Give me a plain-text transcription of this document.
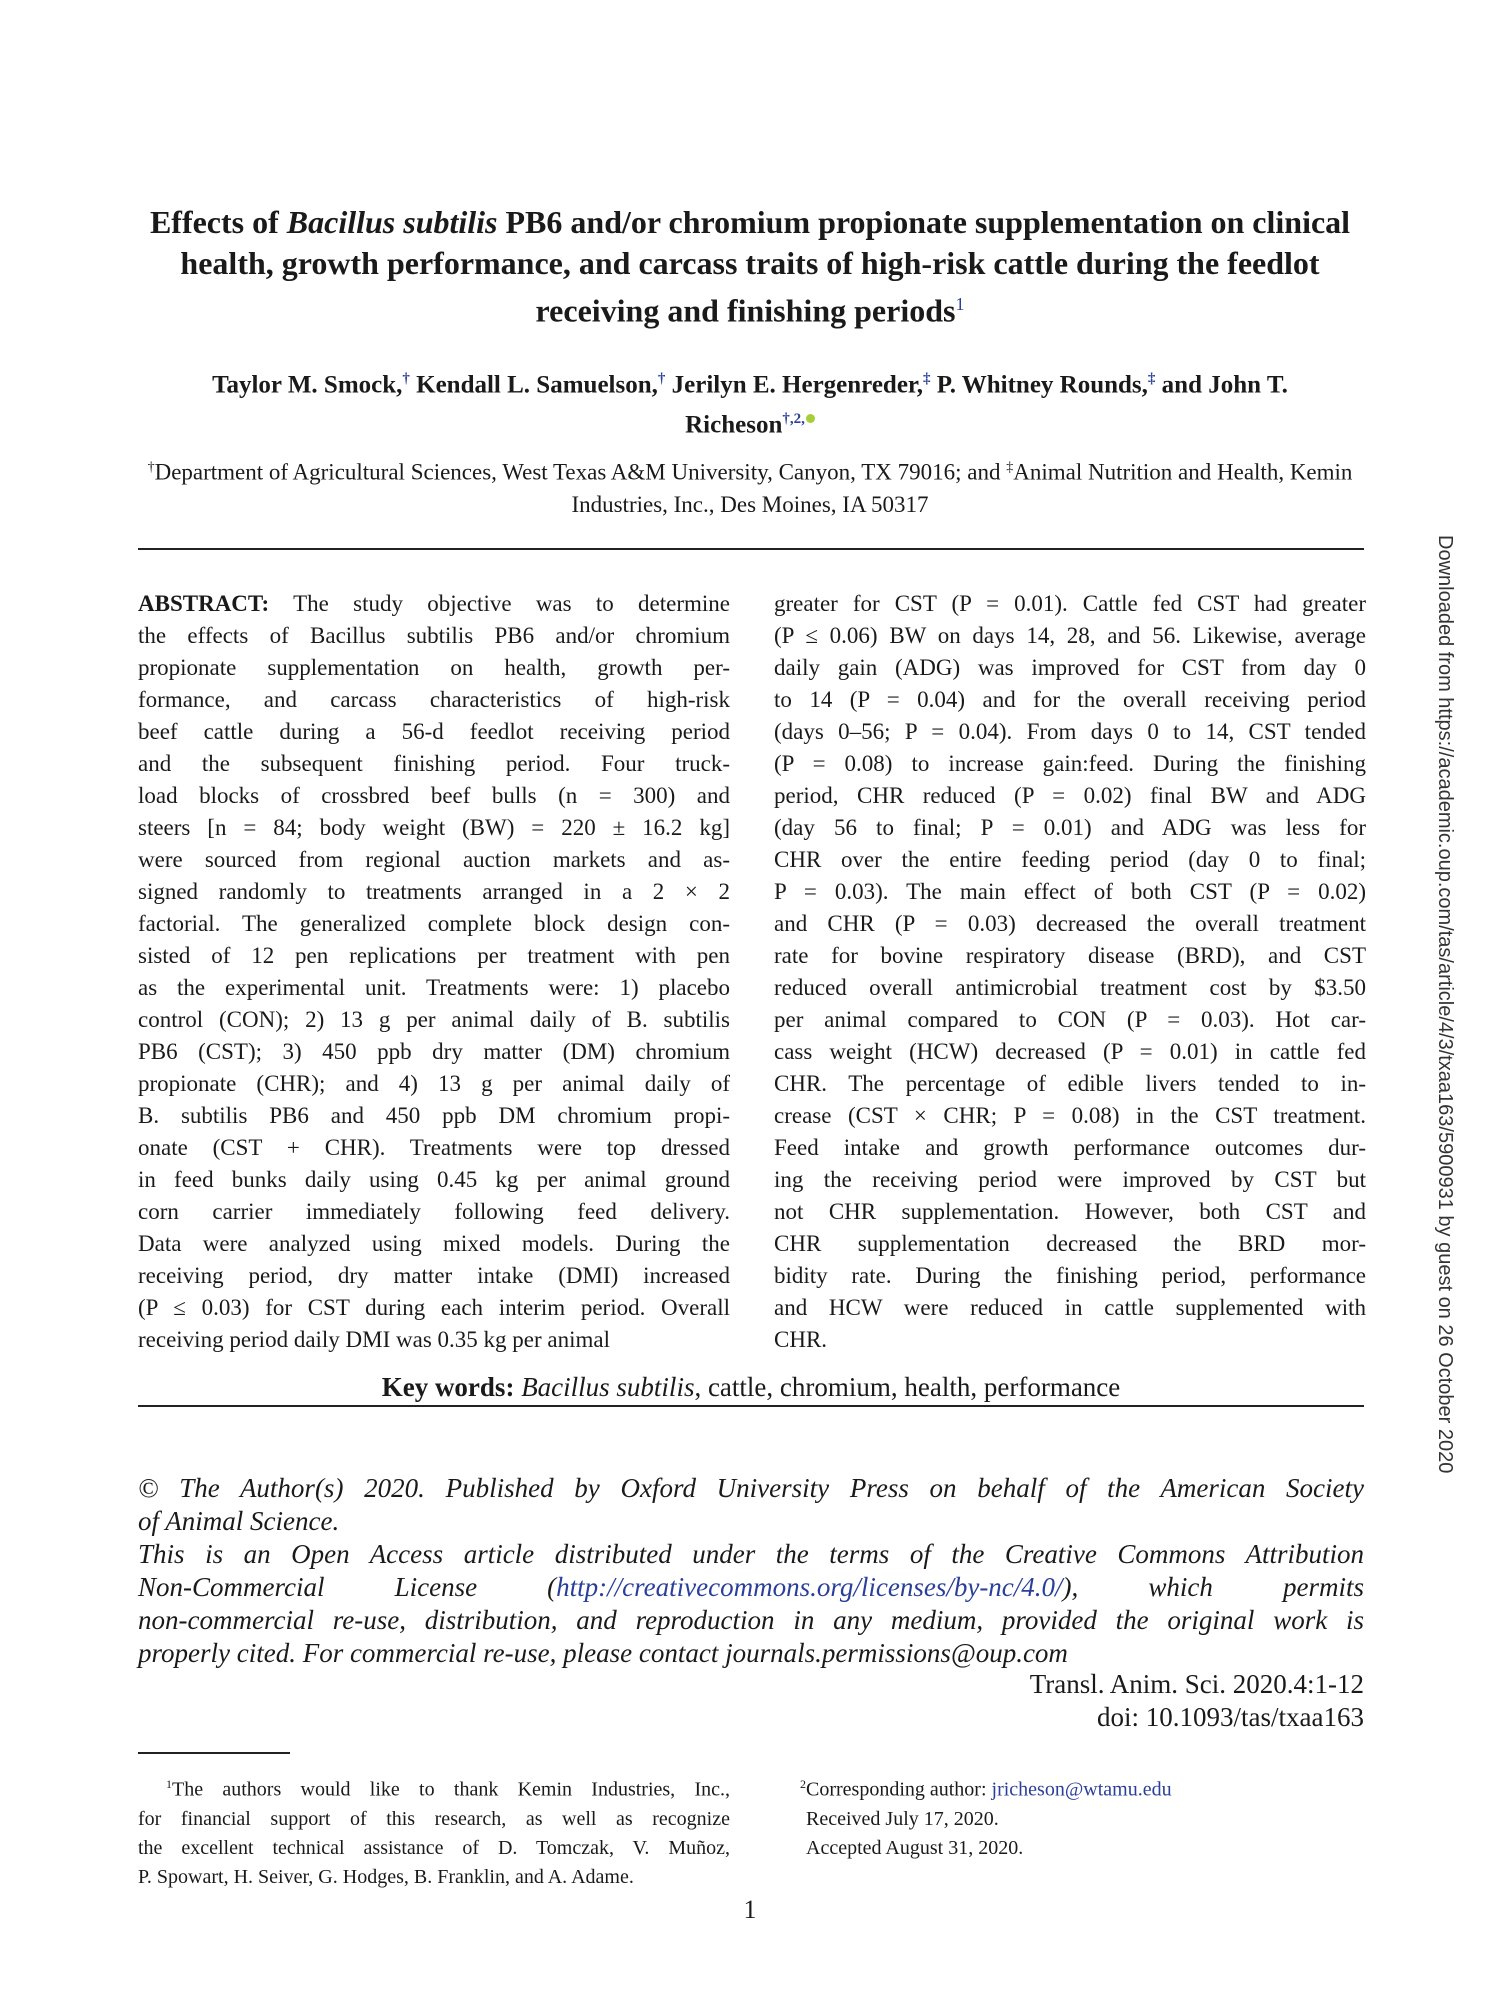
Effects of Bacillus subtilis PB6 and/or chromium propionate supplementation on clinical health, growth performance, and carcass traits of high-risk cattle during the feedlot receiving and finishing periods$^1$
Taylor M. Smock,† Kendall L. Samuelson,† Jerilyn E. Hergenreder,‡ P. Whitney Rounds,‡ and John T. Richeson$^{\dagger,2,}$
†Department of Agricultural Sciences, West Texas A&M University, Canyon, TX 79016; and ‡Animal Nutrition and Health, Kemin Industries, Inc., Des Moines, IA 50317
ABSTRACT: The study objective was to determine
the effects of Bacillus subtilis PB6 and/or chromium
propionate supplementation on health, growth per-
formance, and carcass characteristics of high-risk
beef cattle during a 56-d feedlot receiving period
and the subsequent finishing period. Four truck-
load blocks of crossbred beef bulls (n = 300) and
steers [n = 84; body weight (BW) = 220 ± 16.2 kg]
were sourced from regional auction markets and as-
signed randomly to treatments arranged in a 2 × 2
factorial. The generalized complete block design con-
sisted of 12 pen replications per treatment with pen
as the experimental unit. Treatments were: 1) placebo
control (CON); 2) 13 g per animal daily of B. subtilis
PB6 (CST); 3) 450 ppb dry matter (DM) chromium
propionate (CHR); and 4) 13 g per animal daily of
B. subtilis PB6 and 450 ppb DM chromium propi-
onate (CST + CHR). Treatments were top dressed
in feed bunks daily using 0.45 kg per animal ground
corn carrier immediately following feed delivery.
Data were analyzed using mixed models. During the
receiving period, dry matter intake (DMI) increased
(P ≤ 0.03) for CST during each interim period. Overall
receiving period daily DMI was 0.35 kg per animal
greater for CST (P = 0.01). Cattle fed CST had greater
(P ≤ 0.06) BW on days 14, 28, and 56. Likewise, average
daily gain (ADG) was improved for CST from day 0
to 14 (P = 0.04) and for the overall receiving period
(days 0–56; P = 0.04). From days 0 to 14, CST tended
(P = 0.08) to increase gain:feed. During the finishing
period, CHR reduced (P = 0.02) final BW and ADG
(day 56 to final; P = 0.01) and ADG was less for
CHR over the entire feeding period (day 0 to final;
P = 0.03). The main effect of both CST (P = 0.02)
and CHR (P = 0.03) decreased the overall treatment
rate for bovine respiratory disease (BRD), and CST
reduced overall antimicrobial treatment cost by $3.50
per animal compared to CON (P = 0.03). Hot car-
cass weight (HCW) decreased (P = 0.01) in cattle fed
CHR. The percentage of edible livers tended to in-
crease (CST × CHR; P = 0.08) in the CST treatment.
Feed intake and growth performance outcomes dur-
ing the receiving period were improved by CST but
not CHR supplementation. However, both CST and
CHR supplementation decreased the BRD mor-
bidity rate. During the finishing period, performance
and HCW were reduced in cattle supplemented with
CHR.
Key words: Bacillus subtilis, cattle, chromium, health, performance
© The Author(s) 2020. Published by Oxford University Press on behalf of the American Society
of Animal Science.
This is an Open Access article distributed under the terms of the Creative Commons Attribution
Non-Commercial License (http://creativecommons.org/licenses/by-nc/4.0/), which permits
non-commercial re-use, distribution, and reproduction in any medium, provided the original work is
properly cited. For commercial re-use, please contact journals.permissions@oup.com
Transl. Anim. Sci. 2020.4:1-12
doi: 10.1093/tas/txaa163
$^1$The authors would like to thank Kemin Industries, Inc.,
for financial support of this research, as well as recognize
the excellent technical assistance of D. Tomczak, V. Muñoz,
P. Spowart, H. Seiver, G. Hodges, B. Franklin, and A. Adame.
$^2$Corresponding author: jricheson@wtamu.edu
Received July 17, 2020.
Accepted August 31, 2020.
1
Downloaded from https://academic.oup.com/tas/article/4/3/txaa163/5900931 by guest on 26 October 2020
